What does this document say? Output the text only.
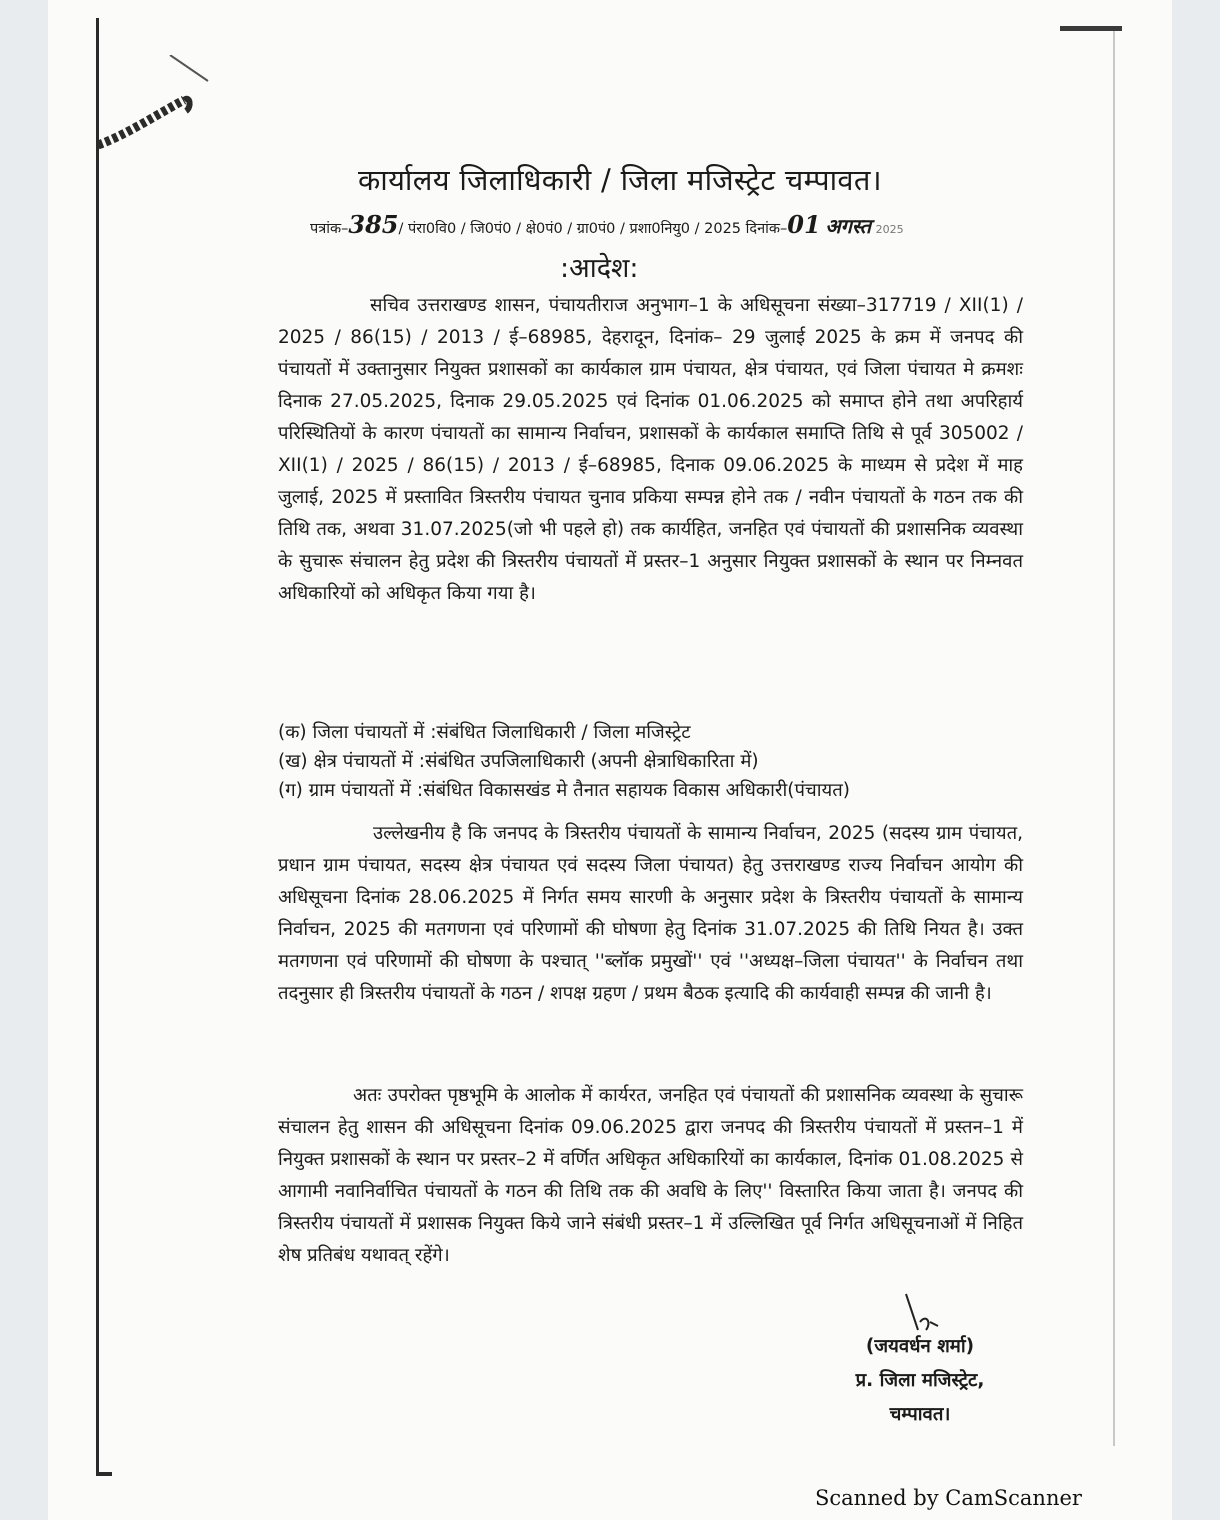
कार्यालय जिलाधिकारी / जिला मजिस्ट्रेट चम्पावत।
पत्रांक–385/ पंरा0वि0 / जि0पं0 / क्षे0पं0 / ग्रा0पं0 / प्रशा0नियु0 / 2025 दिनांक–01 अगस्त 2025
:आदेश:

सचिव उत्तराखण्ड शासन, पंचायतीराज अनुभाग–1 के अधिसूचना संख्या–317719 / XII(1) / 2025 / 86(15) / 2013 / ई–68985, देहरादून, दिनांक– 29 जुलाई 2025 के क्रम में जनपद की पंचायतों में उक्तानुसार नियुक्त प्रशासकों का कार्यकाल ग्राम पंचायत, क्षेत्र पंचायत, एवं जिला पंचायत मे क्रमशः दिनाक 27.05.2025, दिनाक 29.05.2025 एवं दिनांक 01.06.2025 को समाप्त होने तथा अपरिहार्य परिस्थितियों के कारण पंचायतों का सामान्य निर्वाचन, प्रशासकों के कार्यकाल समाप्ति तिथि से पूर्व 305002 / XII(1) / 2025 / 86(15) / 2013 / ई–68985, दिनाक 09.06.2025 के माध्यम से प्रदेश में माह जुलाई, 2025 में प्रस्तावित त्रिस्तरीय पंचायत चुनाव प्रकिया सम्पन्न होने तक / नवीन पंचायतों के गठन तक की तिथि तक, अथवा 31.07.2025(जो भी पहले हो) तक कार्यहित, जनहित एवं पंचायतों की प्रशासनिक व्यवस्था के सुचारू संचालन हेतु प्रदेश की त्रिस्तरीय पंचायतों में प्रस्तर–1 अनुसार नियुक्त प्रशासकों के स्थान पर निम्नवत अधिकारियों को अधिकृत किया गया है।

(क) जिला पंचायतों में :संबंधित जिलाधिकारी / जिला मजिस्ट्रेट
(ख) क्षेत्र पंचायतों में :संबंधित उपजिलाधिकारी (अपनी क्षेत्राधिकारिता में)
(ग) ग्राम पंचायतों में :संबंधित विकासखंड मे तैनात सहायक विकास अधिकारी(पंचायत)

उल्लेखनीय है कि जनपद के त्रिस्तरीय पंचायतों के सामान्य निर्वाचन, 2025 (सदस्य ग्राम पंचायत, प्रधान ग्राम पंचायत, सदस्य क्षेत्र पंचायत एवं सदस्य जिला पंचायत) हेतु उत्तराखण्ड राज्य निर्वाचन आयोग की अधिसूचना दिनांक 28.06.2025 में निर्गत समय सारणी के अनुसार प्रदेश के त्रिस्तरीय पंचायतों के सामान्य निर्वाचन, 2025 की मतगणना एवं परिणामों की घोषणा हेतु दिनांक 31.07.2025 की तिथि नियत है। उक्त मतगणना एवं परिणामों की घोषणा के पश्चात् ''ब्लॉक प्रमुखों'' एवं ''अध्यक्ष–जिला पंचायत'' के निर्वाचन तथा तदनुसार ही त्रिस्तरीय पंचायतों के गठन / शपक्ष ग्रहण / प्रथम बैठक इत्यादि की कार्यवाही सम्पन्न की जानी है।

अतः उपरोक्त पृष्ठभूमि के आलोक में कार्यरत, जनहित एवं पंचायतों की प्रशासनिक व्यवस्था के सुचारू संचालन हेतु शासन की अधिसूचना दिनांक 09.06.2025 द्वारा जनपद की त्रिस्तरीय पंचायतों में प्रस्तन–1 में नियुक्त प्रशासकों के स्थान पर प्रस्तर–2 में वर्णित अधिकृत अधिकारियों का कार्यकाल, दिनांक 01.08.2025 से आगामी नवानिर्वाचित पंचायतों के गठन की तिथि तक की अवधि के लिए'' विस्तारित किया जाता है। जनपद की त्रिस्तरीय पंचायतों में प्रशासक नियुक्त किये जाने संबंधी प्रस्तर–1 में उल्लिखित पूर्व निर्गत अधिसूचनाओं में निहित शेष प्रतिबंध यथावत् रहेंगे।

(जयवर्धन शर्मा)
प्र. जिला मजिस्ट्रेट,
चम्पावत।
Scanned by CamScanner
